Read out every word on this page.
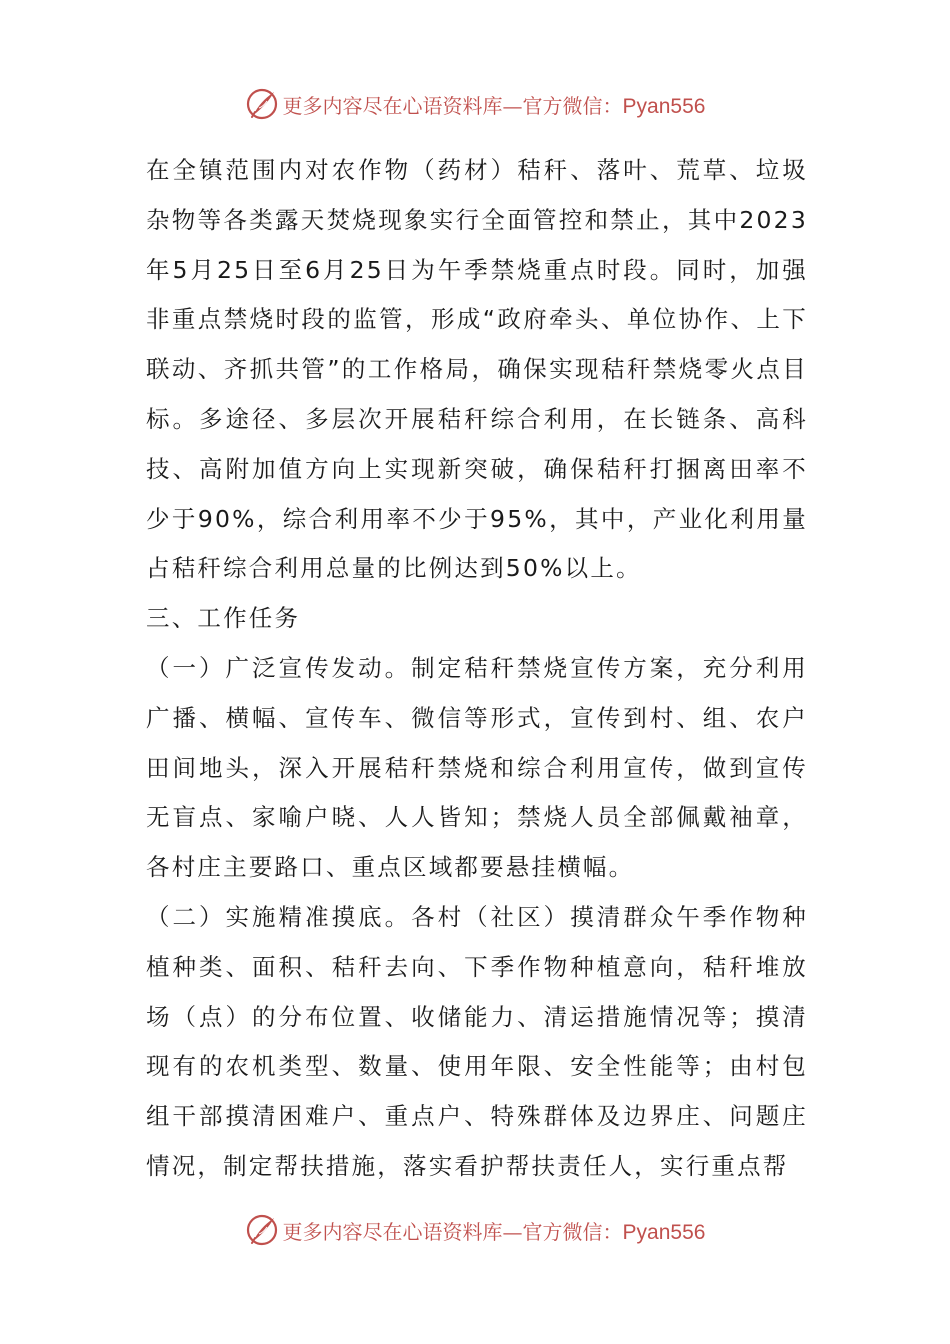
更多内容尽在心语资料库—官方微信：Pyan556

在全镇范围内对农作物（药材）秸秆、落叶、荒草、垃圾杂物等各类露天焚烧现象实行全面管控和禁止，其中2023年5月25日至6月25日为午季禁烧重点时段。同时，加强非重点禁烧时段的监管，形成“政府牵头、单位协作、上下联动、齐抓共管”的工作格局，确保实现秸秆禁烧零火点目标。多途径、多层次开展秸秆综合利用，在长链条、高科技、高附加值方向上实现新突破，确保秸秆打捆离田率不少于90%，综合利用率不少于95%，其中，产业化利用量占秸秆综合利用总量的比例达到50%以上。

三、工作任务

（一）广泛宣传发动。制定秸秆禁烧宣传方案，充分利用广播、横幅、宣传车、微信等形式，宣传到村、组、农户田间地头，深入开展秸秆禁烧和综合利用宣传，做到宣传无盲点、家喻户晓、人人皆知；禁烧人员全部佩戴袖章，各村庄主要路口、重点区域都要悬挂横幅。

（二）实施精准摸底。各村（社区）摸清群众午季作物种植种类、面积、秸秆去向、下季作物种植意向，秸秆堆放场（点）的分布位置、收储能力、清运措施情况等；摸清现有的农机类型、数量、使用年限、安全性能等；由村包组干部摸清困难户、重点户、特殊群体及边界庄、问题庄情况，制定帮扶措施，落实看护帮扶责任人，实行重点帮

更多内容尽在心语资料库—官方微信：Pyan556
